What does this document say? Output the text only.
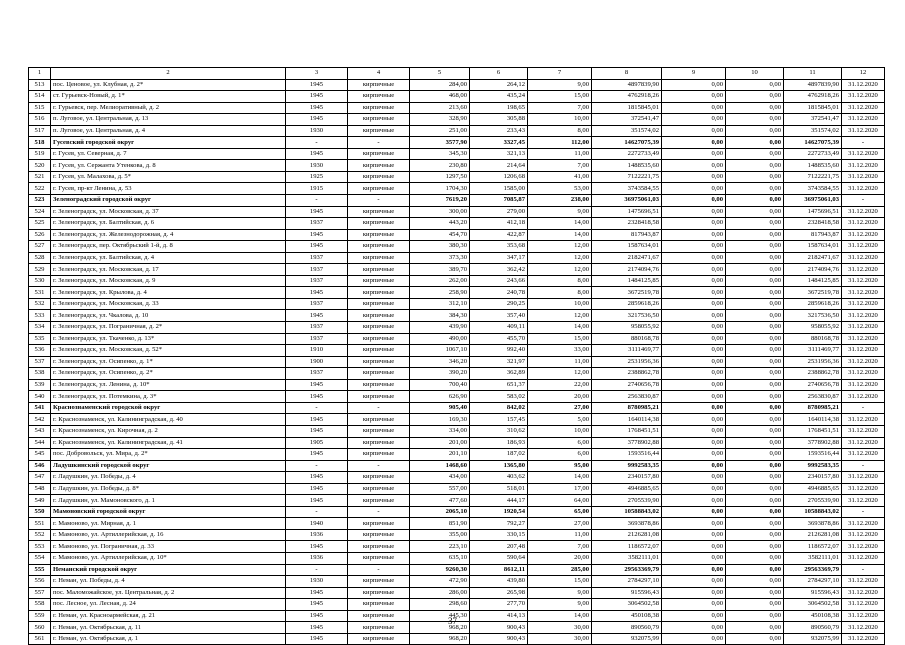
1	2	3	4	5	6	7	8	9	10	11	12
513	пос. Ценовое, ул. Клубная, д. 2*	1945	кирпичные	284,00	264,12	9,00	4897839,90	0,00	0,00	4897839,90	31.12.2020
514	ст. Гурьевск-Новый, д. 1*	1945	кирпичные	468,00	435,24	15,00	4762918,26	0,00	0,00	4762918,26	31.12.2020
515	г. Гурьевск, пер. Мелиоративный, д. 2	1945	кирпичные	213,60	198,65	7,00	1815845,01	0,00	0,00	1815845,01	31.12.2020
516	п. Луговое, ул. Центральная, д. 13	1945	кирпичные	328,90	305,88	10,00	372541,47	0,00	0,00	372541,47	31.12.2020
517	п. Луговое, ул. Центральная, д. 4	1930	кирпичные	251,00	233,43	8,00	351574,02	0,00	0,00	351574,02	31.12.2020
518	Гусевский городской округ	-	-	3577,90	3327,45	112,00	14627075,39	0,00	0,00	14627075,39	-
519	г. Гусев, ул. Северная, д. 7	1945	кирпичные	345,30	321,13	11,00	2272733,49	0,00	0,00	2272733,49	31.12.2020
520	г. Гусев, ул. Сержанта Утенкова, д. 8	1930	кирпичные	230,80	214,64	7,00	1488535,60	0,00	0,00	1488535,60	31.12.2020
521	г. Гусев, ул. Малахова, д. 5*	1925	кирпичные	1297,50	1206,68	41,00	7122221,75	0,00	0,00	7122221,75	31.12.2020
522	г. Гусев, пр-кт Ленина, д. 53	1915	кирпичные	1704,30	1585,00	53,00	3743584,55	0,00	0,00	3743584,55	31.12.2020
523	Зеленоградский городской округ	-	-	7619,20	7085,87	238,00	36975061,03	0,00	0,00	36975061,03	-
524	г. Зеленоградск, ул. Московская, д. 37	1945	кирпичные	300,00	279,00	9,00	1475696,51	0,00	0,00	1475696,51	31.12.2020
525	г. Зеленоградск, ул. Балтийская, д. 6	1937	кирпичные	443,20	412,18	14,00	2328418,58	0,00	0,00	2328418,58	31.12.2020
526	г. Зеленоградск, ул. Железнодорожная, д. 4	1945	кирпичные	454,70	422,87	14,00	817943,87	0,00	0,00	817943,87	31.12.2020
527	г. Зеленоградск, пер. Октябрьский 1-й, д. 8	1945	кирпичные	380,30	353,68	12,00	1587634,01	0,00	0,00	1587634,01	31.12.2020
528	г. Зеленоградск, ул. Балтийская, д. 4	1937	кирпичные	373,30	347,17	12,00	2182471,67	0,00	0,00	2182471,67	31.12.2020
529	г. Зеленоградск, ул. Московская, д. 17	1937	кирпичные	389,70	362,42	12,00	2174094,76	0,00	0,00	2174094,76	31.12.2020
530	г. Зеленоградск, ул. Московская, д. 9	1937	кирпичные	262,00	243,66	8,00	1484125,85	0,00	0,00	1484125,85	31.12.2020
531	г. Зеленоградск, ул. Крылова, д. 4	1945	кирпичные	258,90	240,78	8,00	3672519,78	0,00	0,00	3672519,78	31.12.2020
532	г. Зеленоградск, ул. Московская, д. 33	1937	кирпичные	312,10	290,25	10,00	2859618,26	0,00	0,00	2859618,26	31.12.2020
533	г. Зеленоградск, ул. Чкалова, д. 10	1945	кирпичные	384,30	357,40	12,00	3217536,50	0,00	0,00	3217536,50	31.12.2020
534	г. Зеленоградск, ул. Пограничная, д. 2*	1937	кирпичные	439,90	409,11	14,00	958055,92	0,00	0,00	958055,92	31.12.2020
535	г. Зеленоградск, ул. Ткаченко, д. 13*	1937	кирпичные	490,00	455,70	15,00	880168,78	0,00	0,00	880168,78	31.12.2020
536	г. Зеленоградск, ул. Московская, д. 52*	1910	кирпичные	1067,10	992,40	33,00	3111469,77	0,00	0,00	3111469,77	31.12.2020
537	г. Зеленоградск, ул. Осипенко, д. 1*	1900	кирпичные	346,20	321,97	11,00	2531956,36	0,00	0,00	2531956,36	31.12.2020
538	г. Зеленоградск, ул. Осипенко, д. 2*	1937	кирпичные	390,20	362,89	12,00	2388862,78	0,00	0,00	2388862,78	31.12.2020
539	г. Зеленоградск, ул. Ленина, д. 10*	1945	кирпичные	700,40	651,37	22,00	2740656,78	0,00	0,00	2740656,78	31.12.2020
540	г. Зеленоградск, ул. Потемкина, д. 3*	1945	кирпичные	626,90	583,02	20,00	2563830,87	0,00	0,00	2563830,87	31.12.2020
541	Краснознаменский городской округ	-	-	905,40	842,02	27,00	8780985,21	0,00	0,00	8780985,21	-
542	г. Краснознаменск, ул. Калининградская, д. 40	1945	кирпичные	169,30	157,45	5,00	1640114,38	0,00	0,00	1640114,38	31.12.2020
543	г. Краснознаменск, ул. Кирочная, д. 2	1945	кирпичные	334,00	310,62	10,00	1768451,51	0,00	0,00	1768451,51	31.12.2020
544	г. Краснознаменск, ул. Калининградская, д. 41	1905	кирпичные	201,00	186,93	6,00	3778902,88	0,00	0,00	3778902,88	31.12.2020
545	пос. Добровольск, ул. Мира, д. 2*	1945	кирпичные	201,10	187,02	6,00	1593516,44	0,00	0,00	1593516,44	31.12.2020
546	Ладушкинский городской округ	-	-	1468,60	1365,80	95,00	9992583,35	0,00	0,00	9992583,35	-
547	г. Ладушкин, ул. Победы, д. 4	1945	кирпичные	434,00	403,62	14,00	2340157,80	0,00	0,00	2340157,80	31.12.2020
548	г. Ладушкин, ул. Победы, д. 8*	1945	кирпичные	557,00	518,01	17,00	4946885,65	0,00	0,00	4946885,65	31.12.2020
549	г. Ладушкин, ул. Мамоновского, д. 1	1945	кирпичные	477,60	444,17	64,00	2705539,90	0,00	0,00	2705539,90	31.12.2020
550	Мамоновский городской округ	-	-	2065,10	1920,54	65,00	10588843,02	0,00	0,00	10588843,02	-
551	г. Мамоново, ул. Мирная, д. 1	1940	кирпичные	851,90	792,27	27,00	3693878,86	0,00	0,00	3693878,86	31.12.2020
552	г. Мамоново, ул. Артиллерийская, д. 16	1936	кирпичные	355,00	330,15	11,00	2126281,08	0,00	0,00	2126281,08	31.12.2020
553	г. Мамоново, ул. Пограничная, д. 33	1945	кирпичные	223,10	207,48	7,00	1186572,07	0,00	0,00	1186572,07	31.12.2020
554	г. Мамоново, ул. Артиллерийская, д. 10*	1936	кирпичные	635,10	590,64	20,00	3582111,01	0,00	0,00	3582111,01	31.12.2020
555	Неманский городской округ	-	-	9260,30	8612,11	285,00	29563369,79	0,00	0,00	29563369,79	-
556	г. Неман, ул. Победы, д. 4	1930	кирпичные	472,90	439,80	15,00	2784297,10	0,00	0,00	2784297,10	31.12.2020
557	пос. Маломожайское, ул. Центральная, д. 2	1945	кирпичные	286,00	265,98	9,00	915596,43	0,00	0,00	915596,43	31.12.2020
558	пос. Лесное, ул. Лесная, д. 24	1945	кирпичные	298,60	277,70	9,00	3064502,58	0,00	0,00	3064502,58	31.12.2020
559	г. Неман, ул. Красноармейская, д. 21	1945	кирпичные	445,30	414,13	14,00	450108,38	0,00	0,00	450108,38	31.12.2020
560	г. Неман, ул. Октябрьская, д. 11	1945	кирпичные	968,20	900,43	30,00	890560,79	0,00	0,00	890560,79	31.12.2020
561	г. Неман, ул. Октябрьская, д. 1	1945	кирпичные	968,20	900,43	30,00	932075,99	0,00	0,00	932075,99	31.12.2020
37
